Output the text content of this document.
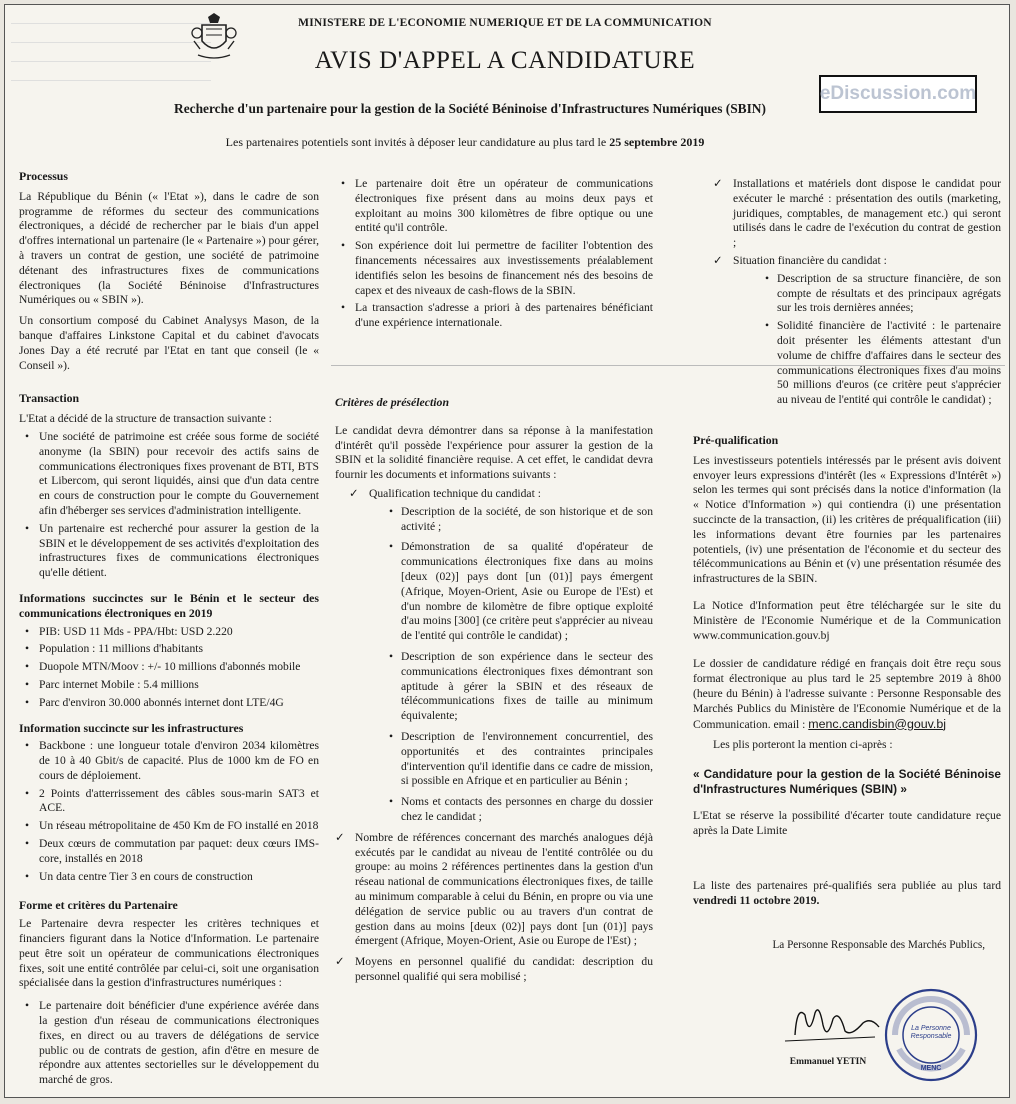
MINISTERE DE L'ECONOMIE NUMERIQUE ET DE LA COMMUNICATION
AVIS D'APPEL A CANDIDATURE
eDiscussion.com
Recherche d'un partenaire pour la gestion de la Société Béninoise d'Infrastructures Numériques (SBIN)
Les partenaires potentiels sont invités à déposer leur candidature au plus tard le 25 septembre 2019
Processus

La République du Bénin (« l'Etat »), dans le cadre de son programme de réformes du secteur des communications électroniques, a décidé de rechercher par le biais d'un appel d'offres international un partenaire (le « Partenaire ») pour gérer, à travers un contrat de gestion, une société de patrimoine détenant des infrastructures fixes de communications électroniques (la Société Béninoise d'Infrastructures Numériques ou « SBIN »).

Un consortium composé du Cabinet Analysys Mason, de la banque d'affaires Linkstone Capital et du cabinet d'avocats Jones Day a été recruté par l'Etat en tant que conseil (le « Conseil »).

Transaction

L'Etat a décidé de la structure de transaction suivante :

• Une société de patrimoine est créée sous forme de société anonyme (la SBIN) pour recevoir des actifs sains de communications électroniques fixes provenant de BTI, BTS et Libercom, qui seront liquidés, ainsi que d'un data centre en cours de construction pour le compte du Gouvernement afin d'héberger ses services d'administration intelligente.
• Un partenaire est recherché pour assurer la gestion de la SBIN et le développement de ses activités d'exploitation des infrastructures fixes de communications électroniques qu'elle détient.
Informations succinctes sur le Bénin et le secteur des communications électroniques en 2019
• PIB: USD 11 Mds - PPA/Hbt: USD 2.220
• Population : 11 millions d'habitants
• Duopole MTN/Moov : +/- 10 millions d'abonnés mobile
• Parc internet Mobile : 5.4 millions
• Parc d'environ 30.000 abonnés internet dont LTE/4G
Information succincte sur les infrastructures
• Backbone : une longueur totale d'environ 2034 kilomètres de 10 à 40 Gbit/s de capacité. Plus de 1000 km de FO en cours de déploiement.
• 2 Points d'atterrissement des câbles sous-marin SAT3 et ACE.
• Un réseau métropolitaine de 450 Km de FO installé en 2018
• Deux cœurs de commutation par paquet: deux cœurs IMS-core, installés en 2018
• Un data centre Tier 3 en cours de construction
Forme et critères du Partenaire

Le Partenaire devra respecter les critères techniques et financiers figurant dans la Notice d'Information. Le partenaire peut être soit un opérateur de communications électroniques fixes, soit une entité contrôlée par celui-ci, soit une organisation spécialisée dans la gestion d'infrastructures numériques :

• Le partenaire doit bénéficier d'une expérience avérée dans la gestion d'un réseau de communications électroniques fixes, en direct ou au travers de délégations de service public ou de contrats de gestion, afin d'être en mesure de répondre aux attentes sectorielles sur le développement du marché de gros.
• Le partenaire doit être un opérateur de communications électroniques fixe présent dans au moins deux pays et exploitant au moins 300 kilomètres de fibre optique ou une entité qu'il contrôle.
• Son expérience doit lui permettre de faciliter l'obtention des financements nécessaires aux investissements préalablement identifiés selon les besoins de financement nés des besoins de capex et des niveaux de cash-flows de la SBIN.
• La transaction s'adresse a priori à des partenaires bénéficiant d'une expérience internationale.
Critères de présélection

Le candidat devra démontrer dans sa réponse à la manifestation d'intérêt qu'il possède l'expérience pour assurer la gestion de la SBIN et la solidité financière requise. A cet effet, le candidat devra fournir les documents et informations suivants :

✓ Qualification technique du candidat :
• Description de la société, de son historique et de son activité ;
• Démonstration de sa qualité d'opérateur de communications électroniques fixe dans au moins [deux (02)] pays dont [un (01)] pays émergent (Afrique, Moyen-Orient, Asie ou Europe de l'Est) et d'un nombre de kilomètre de fibre optique exploité d'au moins [300] (ce critère peut s'apprécier au niveau de l'entité qui contrôle le candidat) ;
• Description de son expérience dans le secteur des communications électroniques fixes démontrant son aptitude à gérer la SBIN et des réseaux de télécommunications fixes de taille au minimum équivalente;
• Description de l'environnement concurrentiel, des opportunités et des contraintes principales d'intervention qu'il identifie dans ce cadre de mission, si possible en Afrique et en particulier au Bénin ;
• Noms et contacts des personnes en charge du dossier chez le candidat ;
✓ Nombre de références concernant des marchés analogues déjà exécutés par le candidat au niveau de l'entité contrôlée ou du groupe: au moins 2 références pertinentes dans la gestion d'un réseau national de communications électroniques fixes, de taille au minimum comparable à celui du Bénin, en propre ou via une délégation de service public ou au travers d'un contrat de gestion dans au moins [deux (02)] pays dont [un (01)] pays émergent (Afrique, Moyen-Orient, Asie ou Europe de l'Est) ;
✓ Moyens en personnel qualifié du candidat: description du personnel qualifié qui sera mobilisé ;
✓ Installations et matériels dont dispose le candidat pour exécuter le marché : présentation des outils (marketing, juridiques, comptables, de management etc.) qui seront utilisés dans le cadre de l'exécution du contrat de gestion ;
✓ Situation financière du candidat :
• Description de sa structure financière, de son compte de résultats et des principaux agrégats sur les trois dernières années;
• Solidité financière de l'activité : le partenaire doit présenter les éléments attestant d'un volume de chiffre d'affaires dans le secteur des communications électroniques fixes d'au moins 50 millions d'euros (ce critère peut s'apprécier au niveau de l'entité qui contrôle le candidat) ;
Pré-qualification

Les investisseurs potentiels intéressés par le présent avis doivent envoyer leurs expressions d'intérêt (les « Expressions d'Intérêt ») selon les termes qui sont précisés dans la notice d'information (la « Notice d'Information ») qui contiendra (i) une présentation succincte de la transaction, (ii) les critères de préqualification (iii) les informations devant être fournies par les partenaires potentiels, (iv) une présentation de l'économie et du secteur des télécommunications au Bénin et (v) une présentation résumée des infrastructures de la SBIN.

La Notice d'Information peut être téléchargée sur le site du Ministère de l'Economie Numérique et de la Communication www.communication.gouv.bj

Le dossier de candidature rédigé en français doit être reçu sous format électronique au plus tard le 25 septembre 2019 à 8h00 (heure du Bénin) à l'adresse suivante : Personne Responsable des Marchés Publics du Ministère de l'Economie Numérique et de la Communication. email : menc.candisbin@gouv.bj

Les plis porteront la mention ci-après :

« Candidature pour la gestion de la Société Béninoise d'Infrastructures Numériques (SBIN) »

L'Etat se réserve la possibilité d'écarter toute candidature reçue après la Date Limite

La liste des partenaires pré-qualifiés sera publiée au plus tard vendredi 11 octobre 2019.

La Personne Responsable des Marchés Publics,
Emmanuel YETIN
La Personne Responsable
MENC
